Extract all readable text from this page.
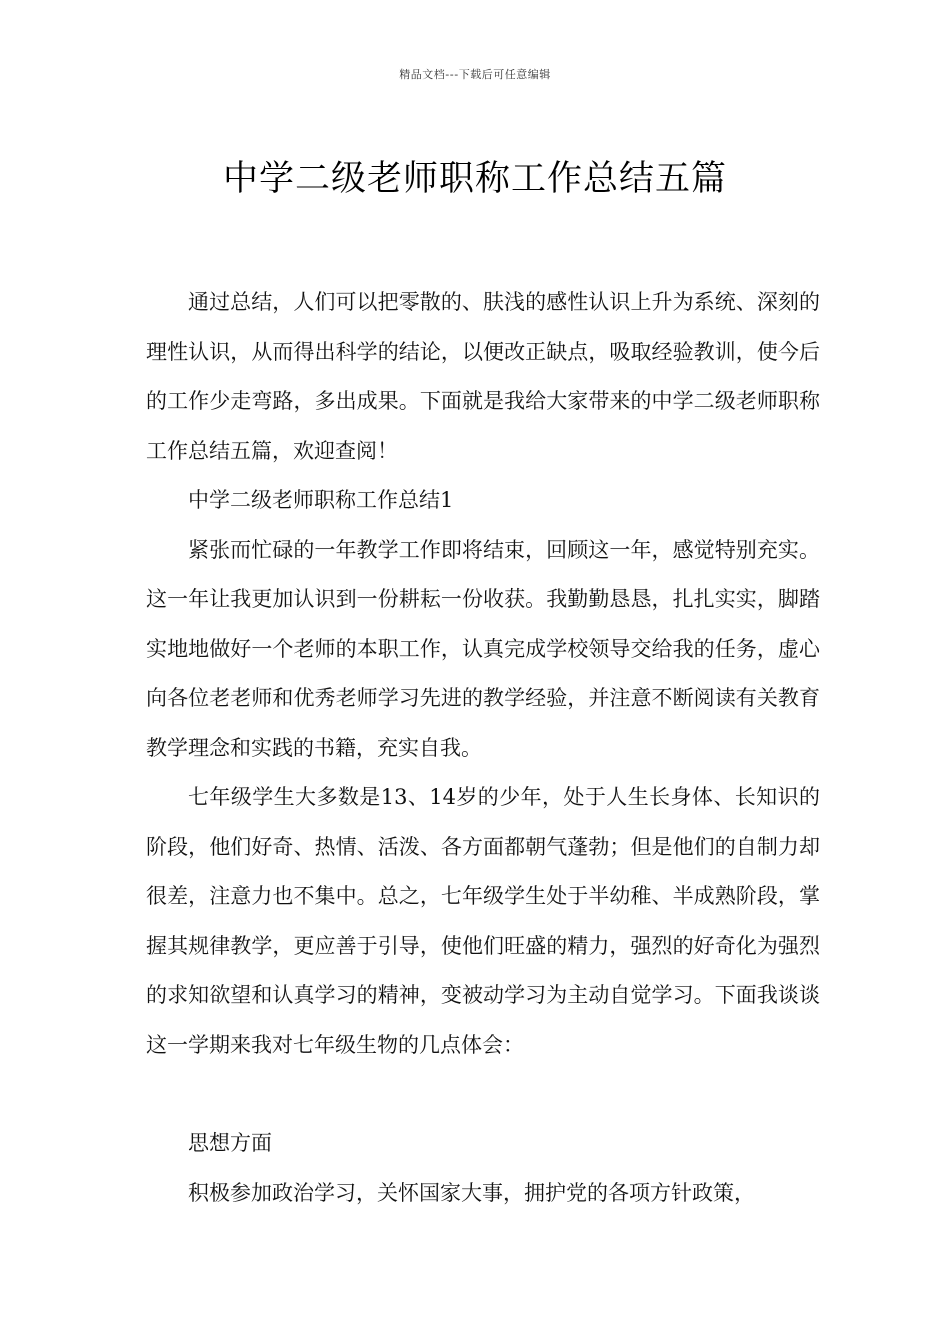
精品文档---下载后可任意编辑
中学二级老师职称工作总结五篇

通过总结，人们可以把零散的、肤浅的感性认识上升为系统、深刻的理性认识，从而得出科学的结论，以便改正缺点，吸取经验教训，使今后的工作少走弯路，多出成果。下面就是我给大家带来的中学二级老师职称工作总结五篇，欢迎查阅！

中学二级老师职称工作总结1

紧张而忙碌的一年教学工作即将结束，回顾这一年，感觉特别充实。这一年让我更加认识到一份耕耘一份收获。我勤勤恳恳，扎扎实实，脚踏实地地做好一个老师的本职工作，认真完成学校领导交给我的任务，虚心向各位老老师和优秀老师学习先进的教学经验，并注意不断阅读有关教育教学理念和实践的书籍，充实自我。

七年级学生大多数是13、14岁的少年，处于人生长身体、长知识的阶段，他们好奇、热情、活泼、各方面都朝气蓬勃；但是他们的自制力却很差，注意力也不集中。总之，七年级学生处于半幼稚、半成熟阶段，掌握其规律教学，更应善于引导，使他们旺盛的精力，强烈的好奇化为强烈的求知欲望和认真学习的精神，变被动学习为主动自觉学习。下面我谈谈这一学期来我对七年级生物的几点体会：

思想方面

积极参加政治学习，关怀国家大事，拥护党的各项方针政策，
